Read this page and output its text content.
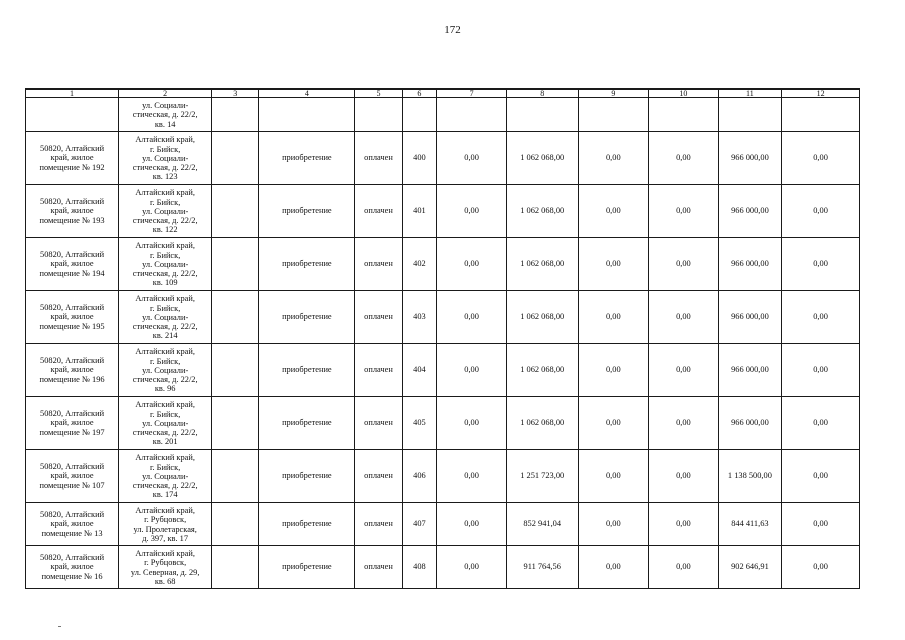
172
1	2	3	4	5	6	7	8	9	10	11	12

	ул. Социали-
стическая, д. 22/2,
кв. 14										

50820, Алтайский
край, жилое
помещение № 192	Алтайский край,
г. Бийск,
ул. Социали-
стическая, д. 22/2,
кв. 123		приобретение	оплачен	400	0,00	1 062 068,00	0,00	0,00	966 000,00	0,00

50820, Алтайский
край, жилое
помещение № 193	Алтайский край,
г. Бийск,
ул. Социали-
стическая, д. 22/2,
кв. 122		приобретение	оплачен	401	0,00	1 062 068,00	0,00	0,00	966 000,00	0,00

50820, Алтайский
край, жилое
помещение № 194	Алтайский край,
г. Бийск,
ул. Социали-
стическая, д. 22/2,
кв. 109		приобретение	оплачен	402	0,00	1 062 068,00	0,00	0,00	966 000,00	0,00

50820, Алтайский
край, жилое
помещение № 195	Алтайский край,
г. Бийск,
ул. Социали-
стическая, д. 22/2,
кв. 214		приобретение	оплачен	403	0,00	1 062 068,00	0,00	0,00	966 000,00	0,00

50820, Алтайский
край, жилое
помещение № 196	Алтайский край,
г. Бийск,
ул. Социали-
стическая, д. 22/2,
кв. 96		приобретение	оплачен	404	0,00	1 062 068,00	0,00	0,00	966 000,00	0,00

50820, Алтайский
край, жилое
помещение № 197	Алтайский край,
г. Бийск,
ул. Социали-
стическая, д. 22/2,
кв. 201		приобретение	оплачен	405	0,00	1 062 068,00	0,00	0,00	966 000,00	0,00

50820, Алтайский
край, жилое
помещение № 107	Алтайский край,
г. Бийск,
ул. Социали-
стическая, д. 22/2,
кв. 174		приобретение	оплачен	406	0,00	1 251 723,00	0,00	0,00	1 138 500,00	0,00

50820, Алтайский
край, жилое
помещение № 13	Алтайский край,
г. Рубцовск,
ул. Пролетарская,
д. 397, кв. 17		приобретение	оплачен	407	0,00	852 941,04	0,00	0,00	844 411,63	0,00

50820, Алтайский
край, жилое
помещение № 16	Алтайский край,
г. Рубцовск,
ул. Северная, д. 29,
кв. 68		приобретение	оплачен	408	0,00	911 764,56	0,00	0,00	902 646,91	0,00
